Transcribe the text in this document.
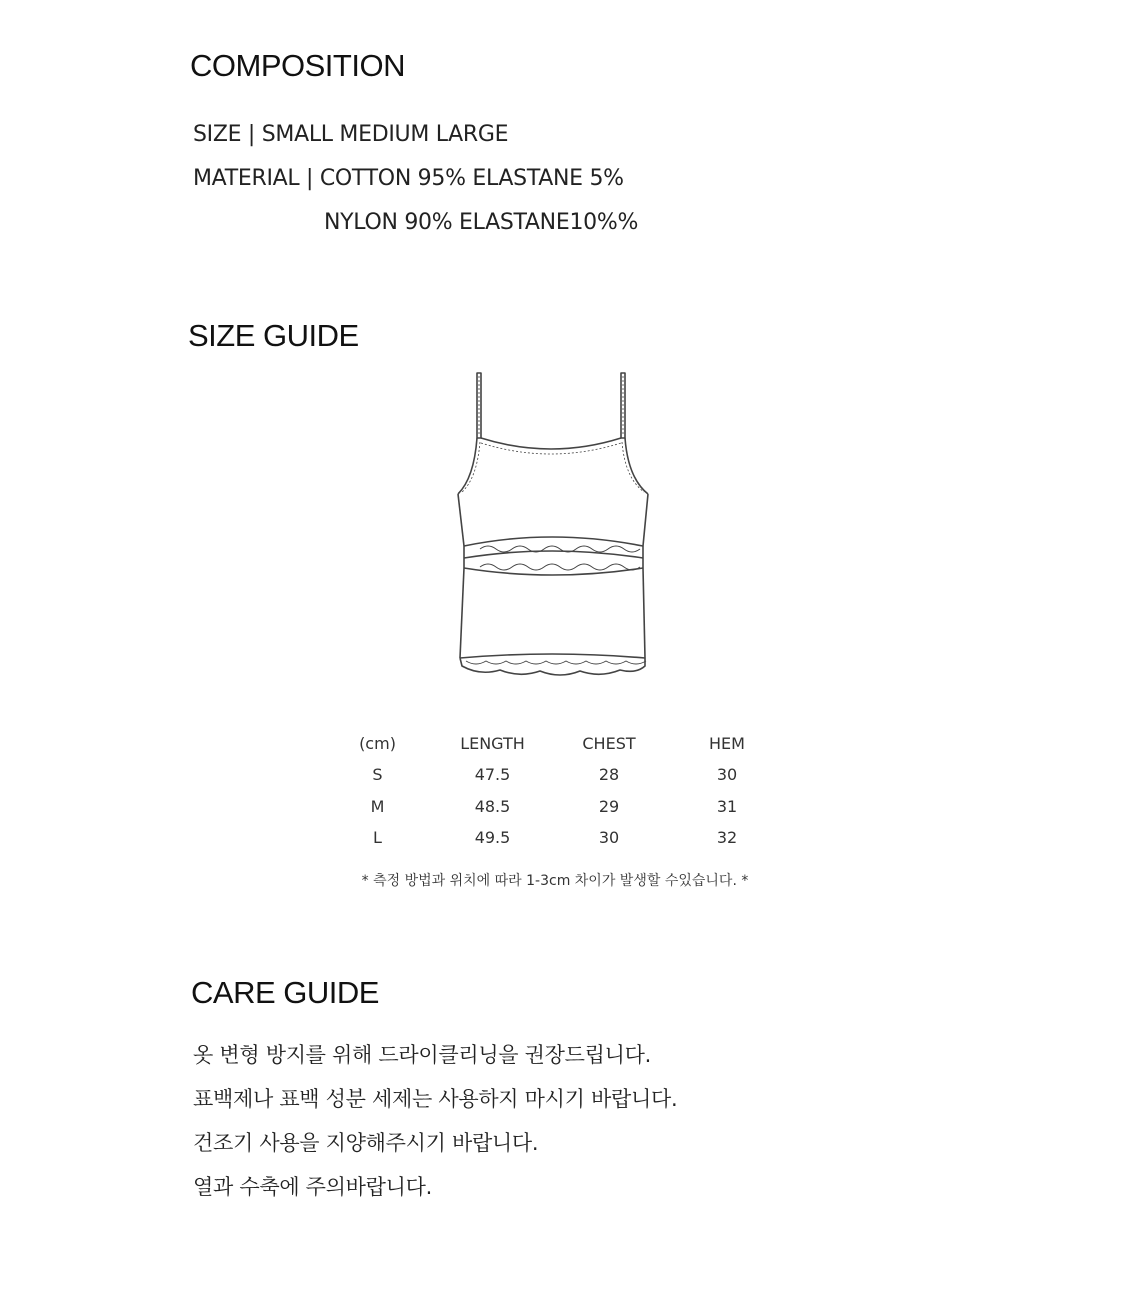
COMPOSITION
SIZE | SMALL MEDIUM LARGE
MATERIAL | COTTON 95% ELASTANE 5%
NYLON 90% ELASTANE10%%
SIZE GUIDE
(cm)	LENGTH	CHEST	HEM
S	47.5	28	30
M	48.5	29	31
L	49.5	30	32
* 측정 방법과 위치에 따라 1-3cm 차이가 발생할 수있습니다. *
CARE GUIDE
옷 변형 방지를 위해 드라이클리닝을 권장드립니다.
표백제나 표백 성분 세제는 사용하지 마시기 바랍니다.
건조기 사용을 지양해주시기 바랍니다.
열과 수축에 주의바랍니다.
